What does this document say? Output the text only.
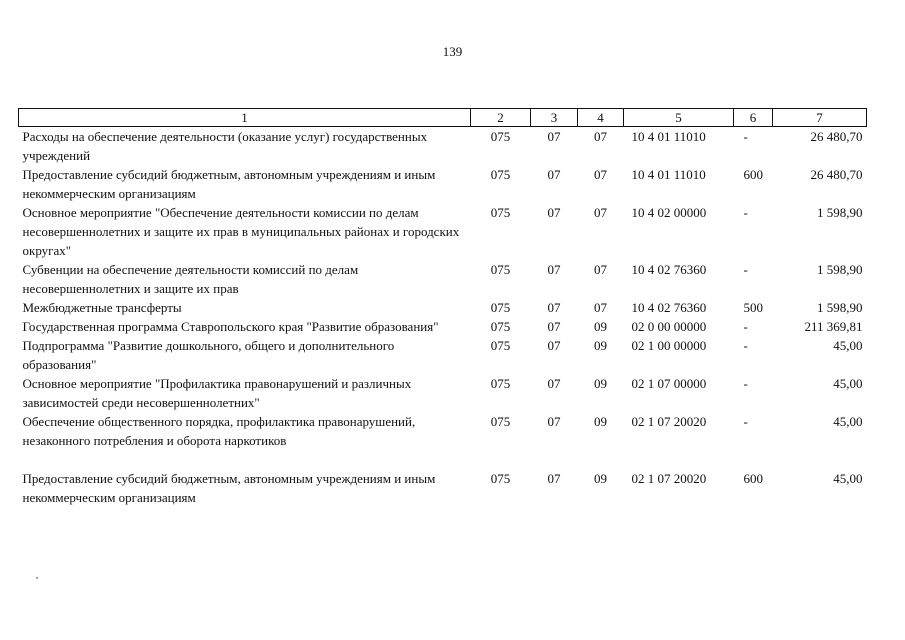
139
1	2	3	4	5	6	7
Расходы на обеспечение деятельности (оказание услуг) государственных учреждений	075	07	07	10 4 01 11010	-	26 480,70
Предоставление субсидий бюджетным, автономным учреждениям и иным некоммерческим организациям	075	07	07	10 4 01 11010	600	26 480,70
Основное мероприятие "Обеспечение деятельности комиссии по делам несовершеннолетних и защите их прав в муниципальных районах и городских округах"	075	07	07	10 4 02 00000	-	1 598,90
Субвенции на обеспечение деятельности комиссий по делам несовершеннолетних и защите их прав	075	07	07	10 4 02 76360	-	1 598,90
Межбюджетные трансферты	075	07	07	10 4 02 76360	500	1 598,90
Государственная программа Ставропольского края "Развитие образования"	075	07	09	02 0 00 00000	-	211 369,81
Подпрограмма "Развитие дошкольного, общего и дополнительного образования"	075	07	09	02 1 00 00000	-	45,00
Основное мероприятие "Профилактика правонарушений и различных зависимостей среди несовершеннолетних"	075	07	09	02 1 07 00000	-	45,00
Обеспечение общественного порядка, профилактика правонарушений, незаконного потребления и оборота наркотиков	075	07	09	02 1 07 20020	-	45,00
Предоставление субсидий бюджетным, автономным учреждениям и иным некоммерческим организациям	075	07	09	02 1 07 20020	600	45,00
